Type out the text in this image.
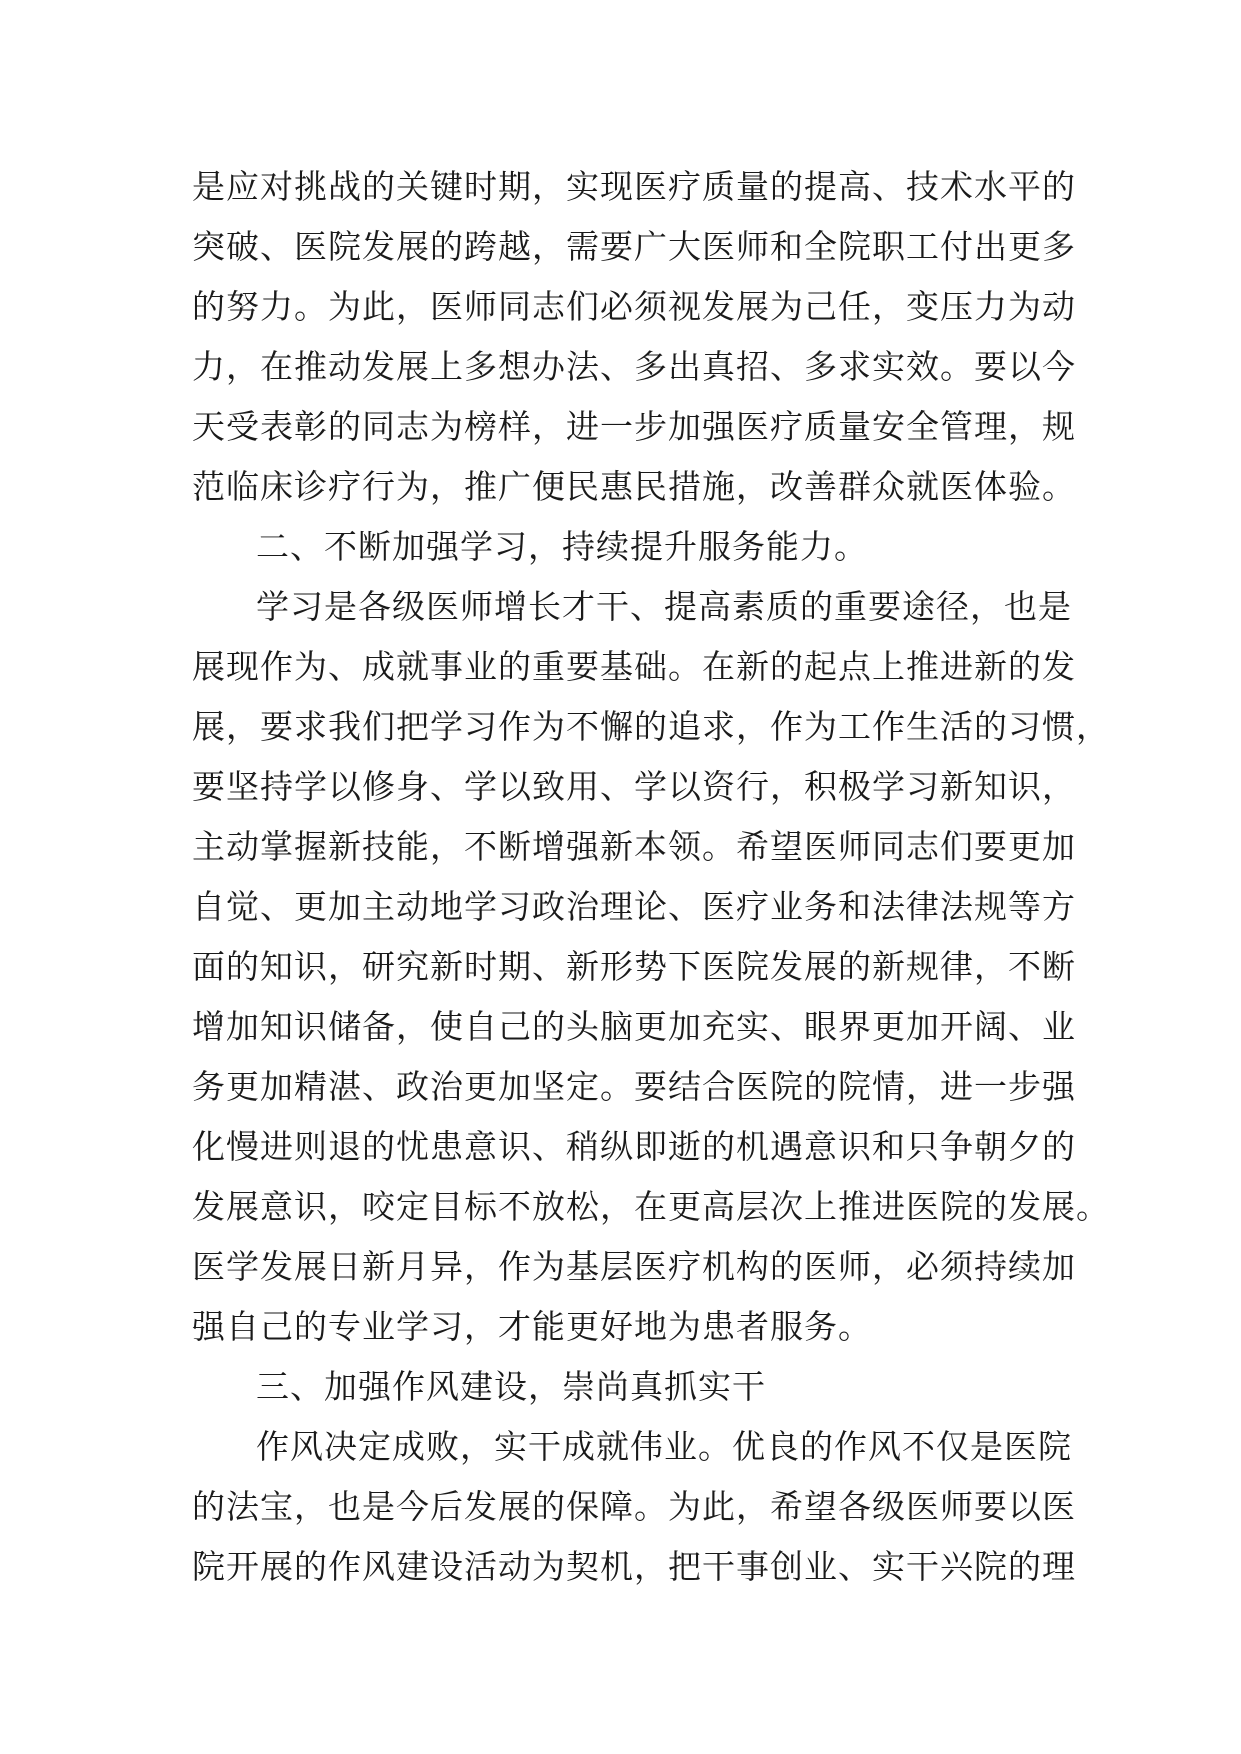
是应对挑战的关键时期，实现医疗质量的提高、技术水平的
突破、医院发展的跨越，需要广大医师和全院职工付出更多
的努力。为此，医师同志们必须视发展为己任，变压力为动
力，在推动发展上多想办法、多出真招、多求实效。要以今
天受表彰的同志为榜样，进一步加强医疗质量安全管理，规
范临床诊疗行为，推广便民惠民措施，改善群众就医体验。
二、不断加强学习，持续提升服务能力。
学习是各级医师增长才干、提高素质的重要途径，也是
展现作为、成就事业的重要基础。在新的起点上推进新的发
展，要求我们把学习作为不懈的追求，作为工作生活的习惯，
要坚持学以修身、学以致用、学以资行，积极学习新知识，
主动掌握新技能，不断增强新本领。希望医师同志们要更加
自觉、更加主动地学习政治理论、医疗业务和法律法规等方
面的知识，研究新时期、新形势下医院发展的新规律，不断
增加知识储备，使自己的头脑更加充实、眼界更加开阔、业
务更加精湛、政治更加坚定。要结合医院的院情，进一步强
化慢进则退的忧患意识、稍纵即逝的机遇意识和只争朝夕的
发展意识，咬定目标不放松，在更高层次上推进医院的发展。
医学发展日新月异，作为基层医疗机构的医师，必须持续加
强自己的专业学习，才能更好地为患者服务。
三、加强作风建设，崇尚真抓实干
作风决定成败，实干成就伟业。优良的作风不仅是医院
的法宝，也是今后发展的保障。为此，希望各级医师要以医
院开展的作风建设活动为契机，把干事创业、实干兴院的理
